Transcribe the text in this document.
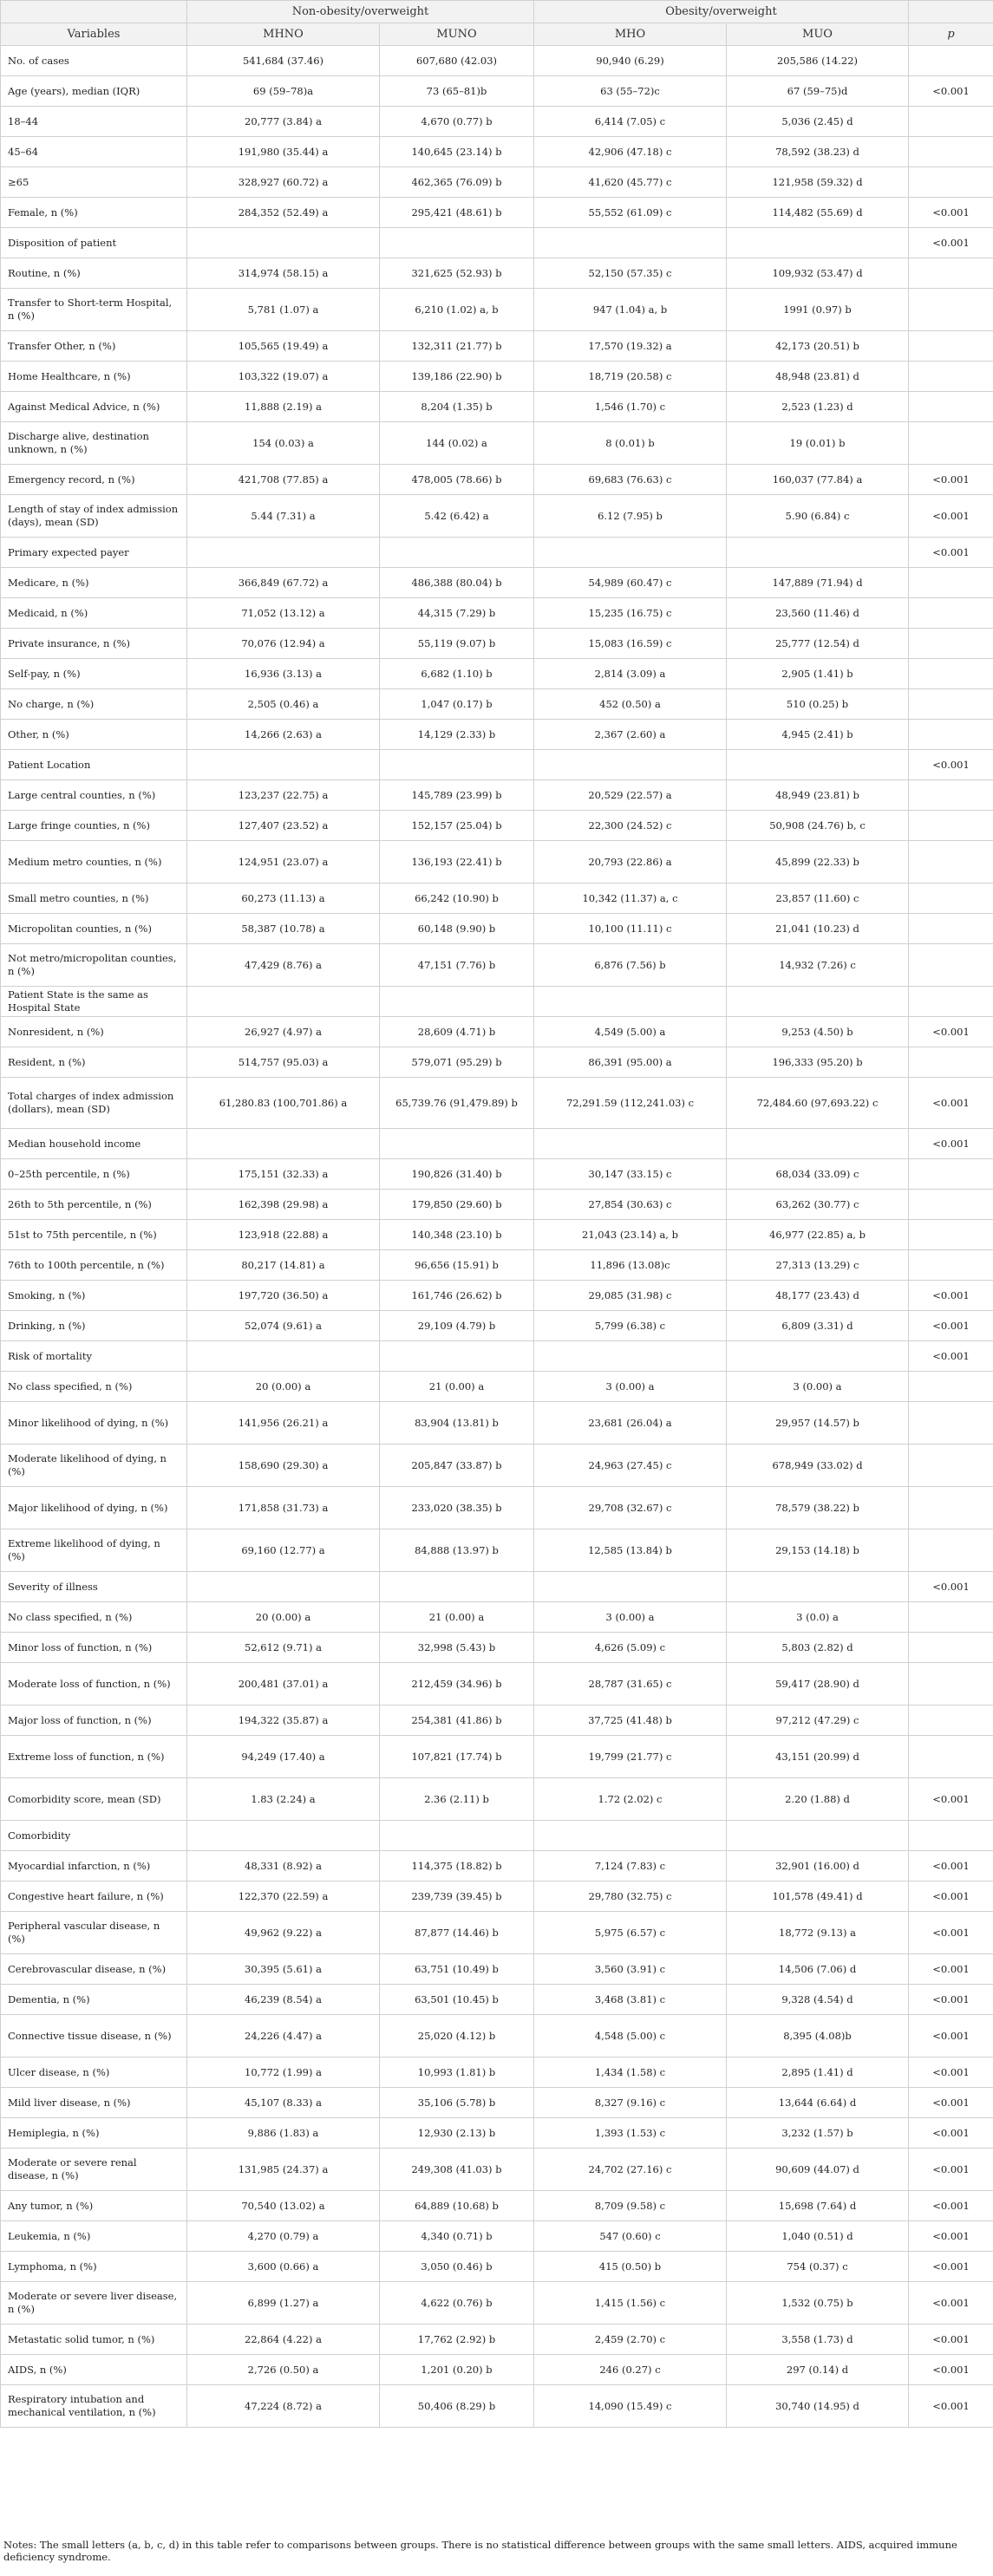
	Non-obesity/overweight		Obesity/overweight		
Variables	MHNO	MUNO	MHO	MUO	p
No. of cases	541,684 (37.46)	607,680 (42.03)	90,940 (6.29)	205,586 (14.22)	
Age (years), median (IQR)	69 (59–78)a	73 (65–81)b	63 (55–72)c	67 (59–75)d	<0.001
18–44	20,777 (3.84) a	4,670 (0.77) b	6,414 (7.05) c	5,036 (2.45) d	
45–64	191,980 (35.44) a	140,645 (23.14) b	42,906 (47.18) c	78,592 (38.23) d	
≥65	328,927 (60.72) a	462,365 (76.09) b	41,620 (45.77) c	121,958 (59.32) d	
Female, n (%)	284,352 (52.49) a	295,421 (48.61) b	55,552 (61.09) c	114,482 (55.69) d	<0.001
Disposition of patient					<0.001
Routine, n (%)	314,974 (58.15) a	321,625 (52.93) b	52,150 (57.35) c	109,932 (53.47) d	
Transfer to Short-term Hospital, n (%)	5,781 (1.07) a	6,210 (1.02) a, b	947 (1.04) a, b	1991 (0.97) b	
Transfer Other, n (%)	105,565 (19.49) a	132,311 (21.77) b	17,570 (19.32) a	42,173 (20.51) b	
Home Healthcare, n (%)	103,322 (19.07) a	139,186 (22.90) b	18,719 (20.58) c	48,948 (23.81) d	
Against Medical Advice, n (%)	11,888 (2.19) a	8,204 (1.35) b	1,546 (1.70) c	2,523 (1.23) d	
Discharge alive, destination unknown, n (%)	154 (0.03) a	144 (0.02) a	8 (0.01) b	19 (0.01) b	
Emergency record, n (%)	421,708 (77.85) a	478,005 (78.66) b	69,683 (76.63) c	160,037 (77.84) a	<0.001
Length of stay of index admission (days), mean (SD)	5.44 (7.31) a	5.42 (6.42) a	6.12 (7.95) b	5.90 (6.84) c	<0.001
Primary expected payer					<0.001
Medicare, n (%)	366,849 (67.72) a	486,388 (80.04) b	54,989 (60.47) c	147,889 (71.94) d	
Medicaid, n (%)	71,052 (13.12) a	44,315 (7.29) b	15,235 (16.75) c	23,560 (11.46) d	
Private insurance, n (%)	70,076 (12.94) a	55,119 (9.07) b	15,083 (16.59) c	25,777 (12.54) d	
Self-pay, n (%)	16,936 (3.13) a	6,682 (1.10) b	2,814 (3.09) a	2,905 (1.41) b	
No charge, n (%)	2,505 (0.46) a	1,047 (0.17) b	452 (0.50) a	510 (0.25) b	
Other, n (%)	14,266 (2.63) a	14,129 (2.33) b	2,367 (2.60) a	4,945 (2.41) b	
Patient Location					<0.001
Large central counties, n (%)	123,237 (22.75) a	145,789 (23.99) b	20,529 (22.57) a	48,949 (23.81) b	
Large fringe counties, n (%)	127,407 (23.52) a	152,157 (25.04) b	22,300 (24.52) c	50,908 (24.76) b, c	
Medium metro counties, n (%)	124,951 (23.07) a	136,193 (22.41) b	20,793 (22.86) a	45,899 (22.33) b	
Small metro counties, n (%)	60,273 (11.13) a	66,242 (10.90) b	10,342 (11.37) a, c	23,857 (11.60) c	
Micropolitan counties, n (%)	58,387 (10.78) a	60,148 (9.90) b	10,100 (11.11) c	21,041 (10.23) d	
Not metro/micropolitan counties, n (%)	47,429 (8.76) a	47,151 (7.76) b	6,876 (7.56) b	14,932 (7.26) c	
Patient State is the same as Hospital State					
Nonresident, n (%)	26,927 (4.97) a	28,609 (4.71) b	4,549 (5.00) a	9,253 (4.50) b	<0.001
Resident, n (%)	514,757 (95.03) a	579,071 (95.29) b	86,391 (95.00) a	196,333 (95.20) b	
Total charges of index admission (dollars), mean (SD)	61,280.83 (100,701.86) a	65,739.76 (91,479.89) b	72,291.59 (112,241.03) c	72,484.60 (97,693.22) c	<0.001
Median household income					<0.001
0–25th percentile, n (%)	175,151 (32.33) a	190,826 (31.40) b	30,147 (33.15) c	68,034 (33.09) c	
26th to 5th percentile, n (%)	162,398 (29.98) a	179,850 (29.60) b	27,854 (30.63) c	63,262 (30.77) c	
51st to 75th percentile, n (%)	123,918 (22.88) a	140,348 (23.10) b	21,043 (23.14) a, b	46,977 (22.85) a, b	
76th to 100th percentile, n (%)	80,217 (14.81) a	96,656 (15.91) b	11,896 (13.08)c	27,313 (13.29) c	
Smoking, n (%)	197,720 (36.50) a	161,746 (26.62) b	29,085 (31.98) c	48,177 (23.43) d	<0.001
Drinking, n (%)	52,074 (9.61) a	29,109 (4.79) b	5,799 (6.38) c	6,809 (3.31) d	<0.001
Risk of mortality					<0.001
No class specified, n (%)	20 (0.00) a	21 (0.00) a	3 (0.00) a	3 (0.00) a	
Minor likelihood of dying, n (%)	141,956 (26.21) a	83,904 (13.81) b	23,681 (26.04) a	29,957 (14.57) b	
Moderate likelihood of dying, n (%)	158,690 (29.30) a	205,847 (33.87) b	24,963 (27.45) c	678,949 (33.02) d	
Major likelihood of dying, n (%)	171,858 (31.73) a	233,020 (38.35) b	29,708 (32.67) c	78,579 (38.22) b	
Extreme likelihood of dying, n (%)	69,160 (12.77) a	84,888 (13.97) b	12,585 (13.84) b	29,153 (14.18) b	
Severity of illness					<0.001
No class specified, n (%)	20 (0.00) a	21 (0.00) a	3 (0.00) a	3 (0.0) a	
Minor loss of function, n (%)	52,612 (9.71) a	32,998 (5.43) b	4,626 (5.09) c	5,803 (2.82) d	
Moderate loss of function, n (%)	200,481 (37.01) a	212,459 (34.96) b	28,787 (31.65) c	59,417 (28.90) d	
Major loss of function, n (%)	194,322 (35.87) a	254,381 (41.86) b	37,725 (41.48) b	97,212 (47.29) c	
Extreme loss of function, n (%)	94,249 (17.40) a	107,821 (17.74) b	19,799 (21.77) c	43,151 (20.99) d	
Comorbidity score, mean (SD)	1.83 (2.24) a	2.36 (2.11) b	1.72 (2.02) c	2.20 (1.88) d	<0.001
Comorbidity					
Myocardial infarction, n (%)	48,331 (8.92) a	114,375 (18.82) b	7,124 (7.83) c	32,901 (16.00) d	<0.001
Congestive heart failure, n (%)	122,370 (22.59) a	239,739 (39.45) b	29,780 (32.75) c	101,578 (49.41) d	<0.001
Peripheral vascular disease, n (%)	49,962 (9.22) a	87,877 (14.46) b	5,975 (6.57) c	18,772 (9.13) a	<0.001
Cerebrovascular disease, n (%)	30,395 (5.61) a	63,751 (10.49) b	3,560 (3.91) c	14,506 (7.06) d	<0.001
Dementia, n (%)	46,239 (8.54) a	63,501 (10.45) b	3,468 (3.81) c	9,328 (4.54) d	<0.001
Connective tissue disease, n (%)	24,226 (4.47) a	25,020 (4.12) b	4,548 (5.00) c	8,395 (4.08)b	<0.001
Ulcer disease, n (%)	10,772 (1.99) a	10,993 (1.81) b	1,434 (1.58) c	2,895 (1.41) d	<0.001
Mild liver disease, n (%)	45,107 (8.33) a	35,106 (5.78) b	8,327 (9.16) c	13,644 (6.64) d	<0.001
Hemiplegia, n (%)	9,886 (1.83) a	12,930 (2.13) b	1,393 (1.53) c	3,232 (1.57) b	<0.001
Moderate or severe renal disease, n (%)	131,985 (24.37) a	249,308 (41.03) b	24,702 (27.16) c	90,609 (44.07) d	<0.001
Any tumor, n (%)	70,540 (13.02) a	64,889 (10.68) b	8,709 (9.58) c	15,698 (7.64) d	<0.001
Leukemia, n (%)	4,270 (0.79) a	4,340 (0.71) b	547 (0.60) c	1,040 (0.51) d	<0.001
Lymphoma, n (%)	3,600 (0.66) a	3,050 (0.46) b	415 (0.50) b	754 (0.37) c	<0.001
Moderate or severe liver disease, n (%)	6,899 (1.27) a	4,622 (0.76) b	1,415 (1.56) c	1,532 (0.75) b	<0.001
Metastatic solid tumor, n (%)	22,864 (4.22) a	17,762 (2.92) b	2,459 (2.70) c	3,558 (1.73) d	<0.001
AIDS, n (%)	2,726 (0.50) a	1,201 (0.20) b	246 (0.27) c	297 (0.14) d	<0.001
Respiratory intubation and mechanical ventilation, n (%)	47,224 (8.72) a	50,406 (8.29) b	14,090 (15.49) c	30,740 (14.95) d	<0.001
Notes: The small letters (a, b, c, d) in this table refer to comparisons between groups. There is no statistical difference between groups with the same small letters. AIDS, acquired immune deficiency syndrome.
